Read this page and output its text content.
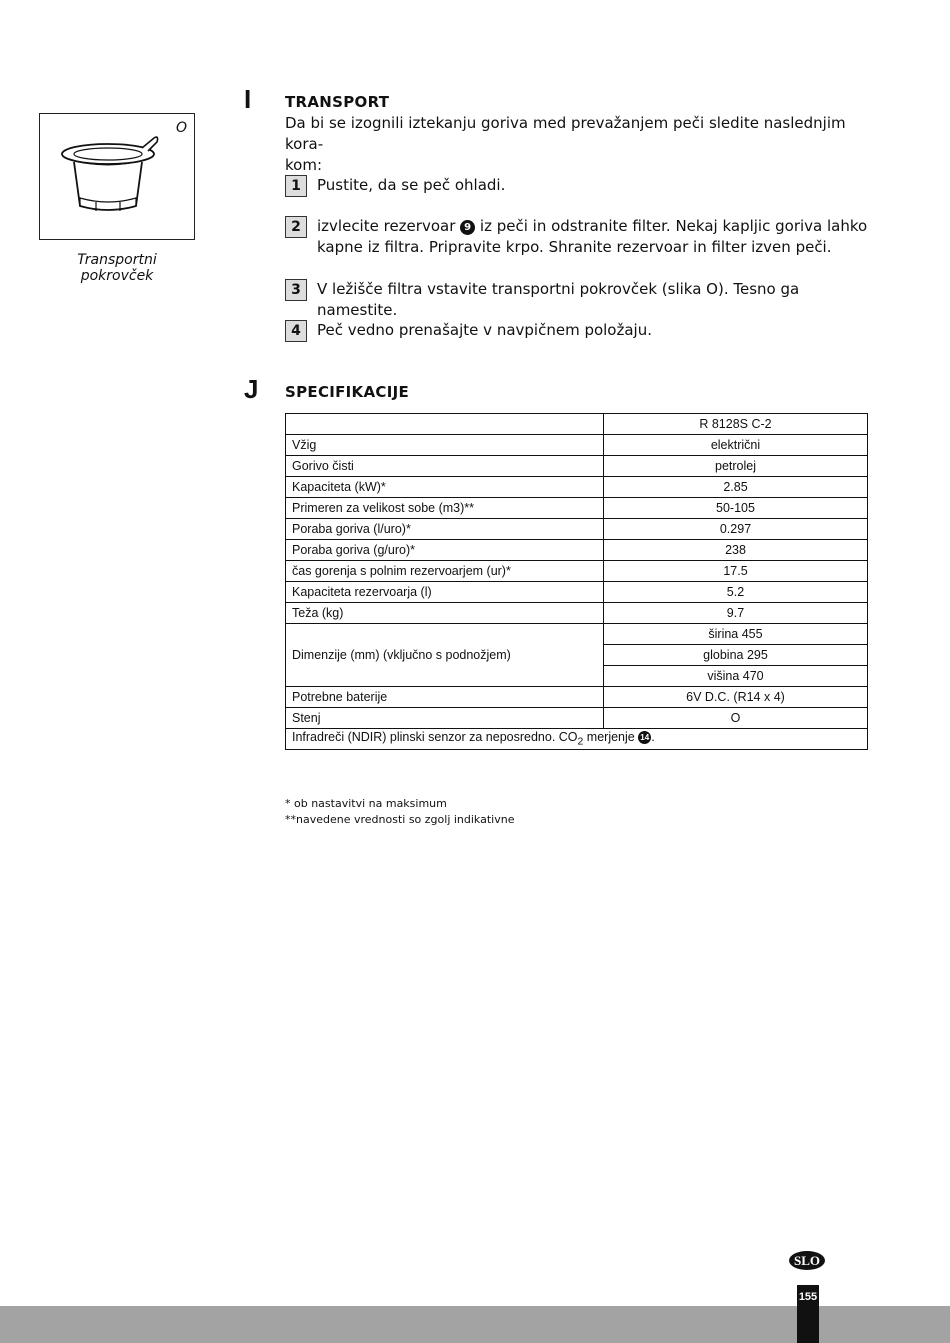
O
Transportni pokrovček
I TRANSPORT
Da bi se izognili iztekanju goriva med prevažanjem peči sledite naslednjim kora-
kom:
1	Pustite, da se peč ohladi.
2	izvlecite rezervoar 9 iz peči in odstranite filter. Nekaj kapljic goriva lahko
kapne iz filtra. Pripravite krpo. Shranite rezervoar in filter izven peči.
3	V ležišče filtra vstavite transportni pokrovček (slika O). Tesno ga namestite.
4	Peč vedno prenašajte v navpičnem položaju.
J SPECIFIKACIJE
	R 8128S C-2
Vžig	električni
Gorivo čisti	petrolej
Kapaciteta (kW)*	2.85
Primeren za velikost sobe (m3)**	50-105
Poraba goriva (l/uro)*	0.297
Poraba goriva (g/uro)*	238
čas gorenja s polnim rezervoarjem (ur)*	17.5
Kapaciteta rezervoarja (l)	5.2
Teža (kg)	9.7
Dimenzije (mm) (vključno s podnožjem)	širina 455
	globina 295
	višina 470
Potrebne baterije	6V D.C. (R14 x 4)
Stenj	O
Infradreči (NDIR) plinski senzor za neposredno. $CO_2$ merjenje 14 .	
* ob nastavitvi na maksimum
**navedene vrednosti so zgolj indikativne
SLO
155
